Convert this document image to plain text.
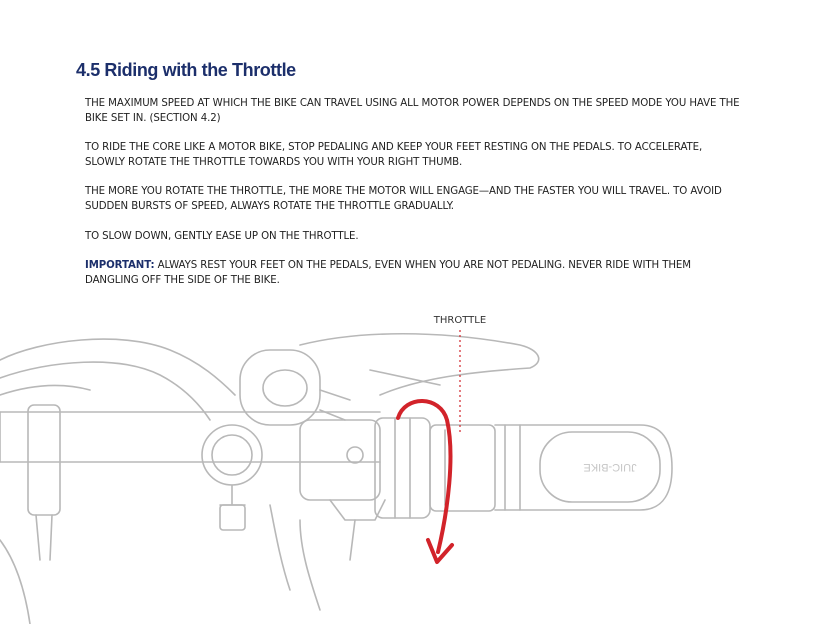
4.5 Riding with the Throttle

THE MAXIMUM SPEED AT WHICH THE BIKE CAN TRAVEL USING ALL MOTOR POWER DEPENDS ON THE SPEED MODE YOU HAVE THE BIKE SET IN. (SECTION 4.2)

TO RIDE THE CORE LIKE A MOTOR BIKE, STOP PEDALING AND KEEP YOUR FEET RESTING ON THE PEDALS. TO ACCELERATE, SLOWLY ROTATE THE THROTTLE TOWARDS YOU WITH YOUR RIGHT THUMB.

THE MORE YOU ROTATE THE THROTTLE, THE MORE THE MOTOR WILL ENGAGE—AND THE FASTER YOU WILL TRAVEL. TO AVOID SUDDEN BURSTS OF SPEED, ALWAYS ROTATE THE THROTTLE GRADUALLY.

TO SLOW DOWN, GENTLY EASE UP ON THE THROTTLE.

IMPORTANT: ALWAYS REST YOUR FEET ON THE PEDALS, EVEN WHEN YOU ARE NOT PEDALING. NEVER RIDE WITH THEM DANGLING OFF THE SIDE OF THE BIKE.

JUIC-BIKE
THROTTLE
